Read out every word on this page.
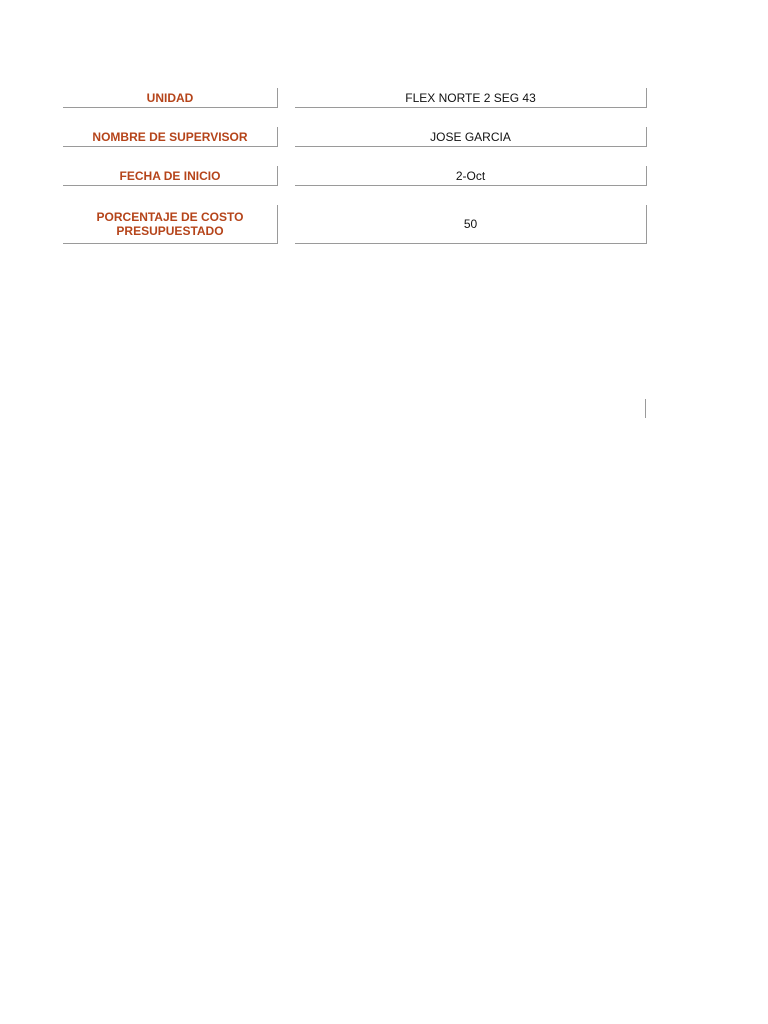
UNIDAD	FLEX NORTE 2 SEG 43
NOMBRE DE SUPERVISOR	JOSE GARCIA
FECHA DE INICIO	2-Oct
PORCENTAJE DE COSTO PRESUPUESTADO	50
